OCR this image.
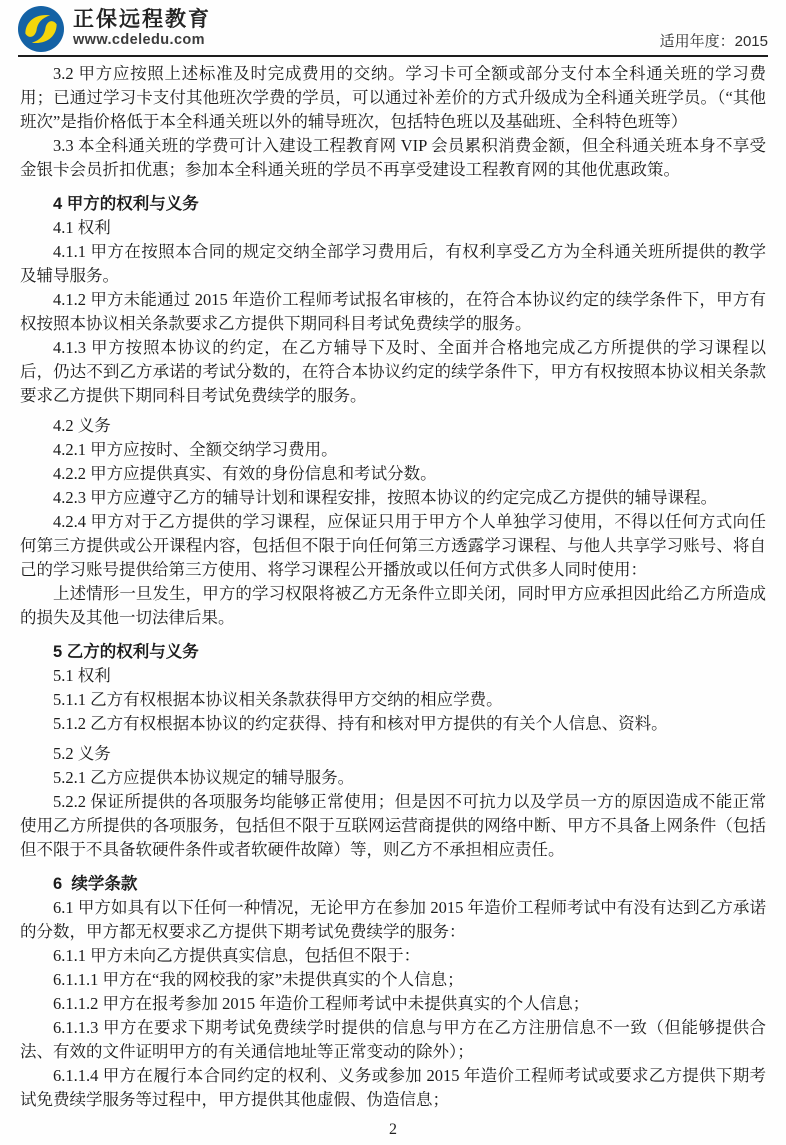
正保远程教育
www.cdeledu.com	适用年度：2015

3.2 甲方应按照上述标准及时完成费用的交纳。学习卡可全额或部分支付本全科通关班的学习费用；已通过学习卡支付其他班次学费的学员，可以通过补差价的方式升级成为全科通关班学员。（“其他班次”是指价格低于本全科通关班以外的辅导班次，包括特色班以及基础班、全科特色班等）

3.3 本全科通关班的学费可计入建设工程教育网 VIP 会员累积消费金额，但全科通关班本身不享受金银卡会员折扣优惠；参加本全科通关班的学员不再享受建设工程教育网的其他优惠政策。

4 甲方的权利与义务

4.1 权利

4.1.1 甲方在按照本合同的规定交纳全部学习费用后，有权利享受乙方为全科通关班所提供的教学及辅导服务。

4.1.2 甲方未能通过 2015 年造价工程师考试报名审核的，在符合本协议约定的续学条件下，甲方有权按照本协议相关条款要求乙方提供下期同科目考试免费续学的服务。

4.1.3 甲方按照本协议的约定，在乙方辅导下及时、全面并合格地完成乙方所提供的学习课程以后，仍达不到乙方承诺的考试分数的，在符合本协议约定的续学条件下，甲方有权按照本协议相关条款要求乙方提供下期同科目考试免费续学的服务。

4.2 义务

4.2.1 甲方应按时、全额交纳学习费用。

4.2.2 甲方应提供真实、有效的身份信息和考试分数。

4.2.3 甲方应遵守乙方的辅导计划和课程安排，按照本协议的约定完成乙方提供的辅导课程。

4.2.4 甲方对于乙方提供的学习课程，应保证只用于甲方个人单独学习使用，不得以任何方式向任何第三方提供或公开课程内容，包括但不限于向任何第三方透露学习课程、与他人共享学习账号、将自己的学习账号提供给第三方使用、将学习课程公开播放或以任何方式供多人同时使用：

上述情形一旦发生，甲方的学习权限将被乙方无条件立即关闭，同时甲方应承担因此给乙方所造成的损失及其他一切法律后果。

5 乙方的权利与义务

5.1 权利

5.1.1 乙方有权根据本协议相关条款获得甲方交纳的相应学费。

5.1.2 乙方有权根据本协议的约定获得、持有和核对甲方提供的有关个人信息、资料。

5.2 义务

5.2.1 乙方应提供本协议规定的辅导服务。

5.2.2 保证所提供的各项服务均能够正常使用；但是因不可抗力以及学员一方的原因造成不能正常使用乙方所提供的各项服务，包括但不限于互联网运营商提供的网络中断、甲方不具备上网条件（包括但不限于不具备软硬件条件或者软硬件故障）等，则乙方不承担相应责任。

6  续学条款

6.1 甲方如具有以下任何一种情况，无论甲方在参加 2015 年造价工程师考试中有没有达到乙方承诺的分数，甲方都无权要求乙方提供下期考试免费续学的服务：

6.1.1 甲方未向乙方提供真实信息，包括但不限于：

6.1.1.1 甲方在“我的网校我的家”未提供真实的个人信息；

6.1.1.2 甲方在报考参加 2015 年造价工程师考试中未提供真实的个人信息；

6.1.1.3 甲方在要求下期考试免费续学时提供的信息与甲方在乙方注册信息不一致（但能够提供合法、有效的文件证明甲方的有关通信地址等正常变动的除外）；

6.1.1.4 甲方在履行本合同约定的权利、义务或参加 2015 年造价工程师考试或要求乙方提供下期考试免费续学服务等过程中，甲方提供其他虚假、伪造信息；

2
